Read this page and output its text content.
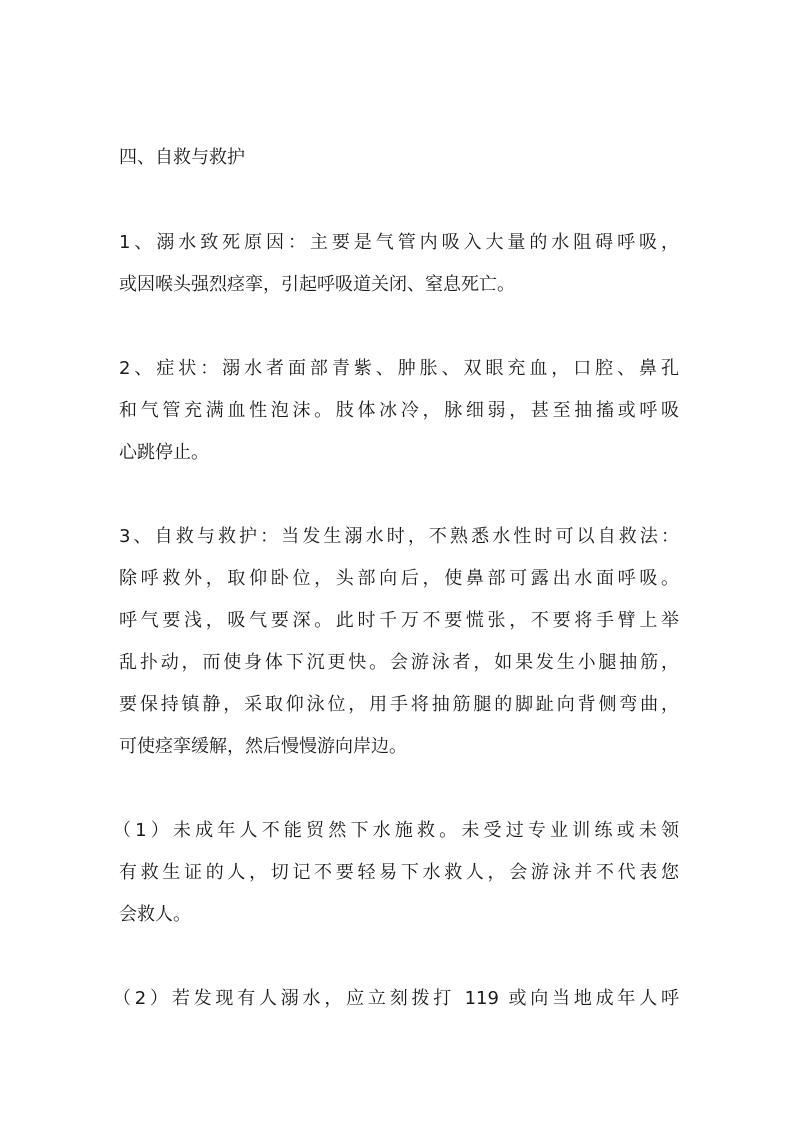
四、自救与救护
1、溺水致死原因：主要是气管内吸入大量的水阻碍呼吸，
或因喉头强烈痉挛，引起呼吸道关闭、窒息死亡。
2、症状：溺水者面部青紫、肿胀、双眼充血，口腔、鼻孔
和气管充满血性泡沫。肢体冰冷，脉细弱，甚至抽搐或呼吸
心跳停止。
3、自救与救护：当发生溺水时，不熟悉水性时可以自救法：
除呼救外，取仰卧位，头部向后，使鼻部可露出水面呼吸。
呼气要浅，吸气要深。此时千万不要慌张，不要将手臂上举
乱扑动，而使身体下沉更快。会游泳者，如果发生小腿抽筋，
要保持镇静，采取仰泳位，用手将抽筋腿的脚趾向背侧弯曲，
可使痉挛缓解，然后慢慢游向岸边。
（1）未成年人不能贸然下水施救。未受过专业训练或未领
有救生证的人，切记不要轻易下水救人，会游泳并不代表您
会救人。
（2）若发现有人溺水，应立刻拨打 119 或向当地成年人呼
